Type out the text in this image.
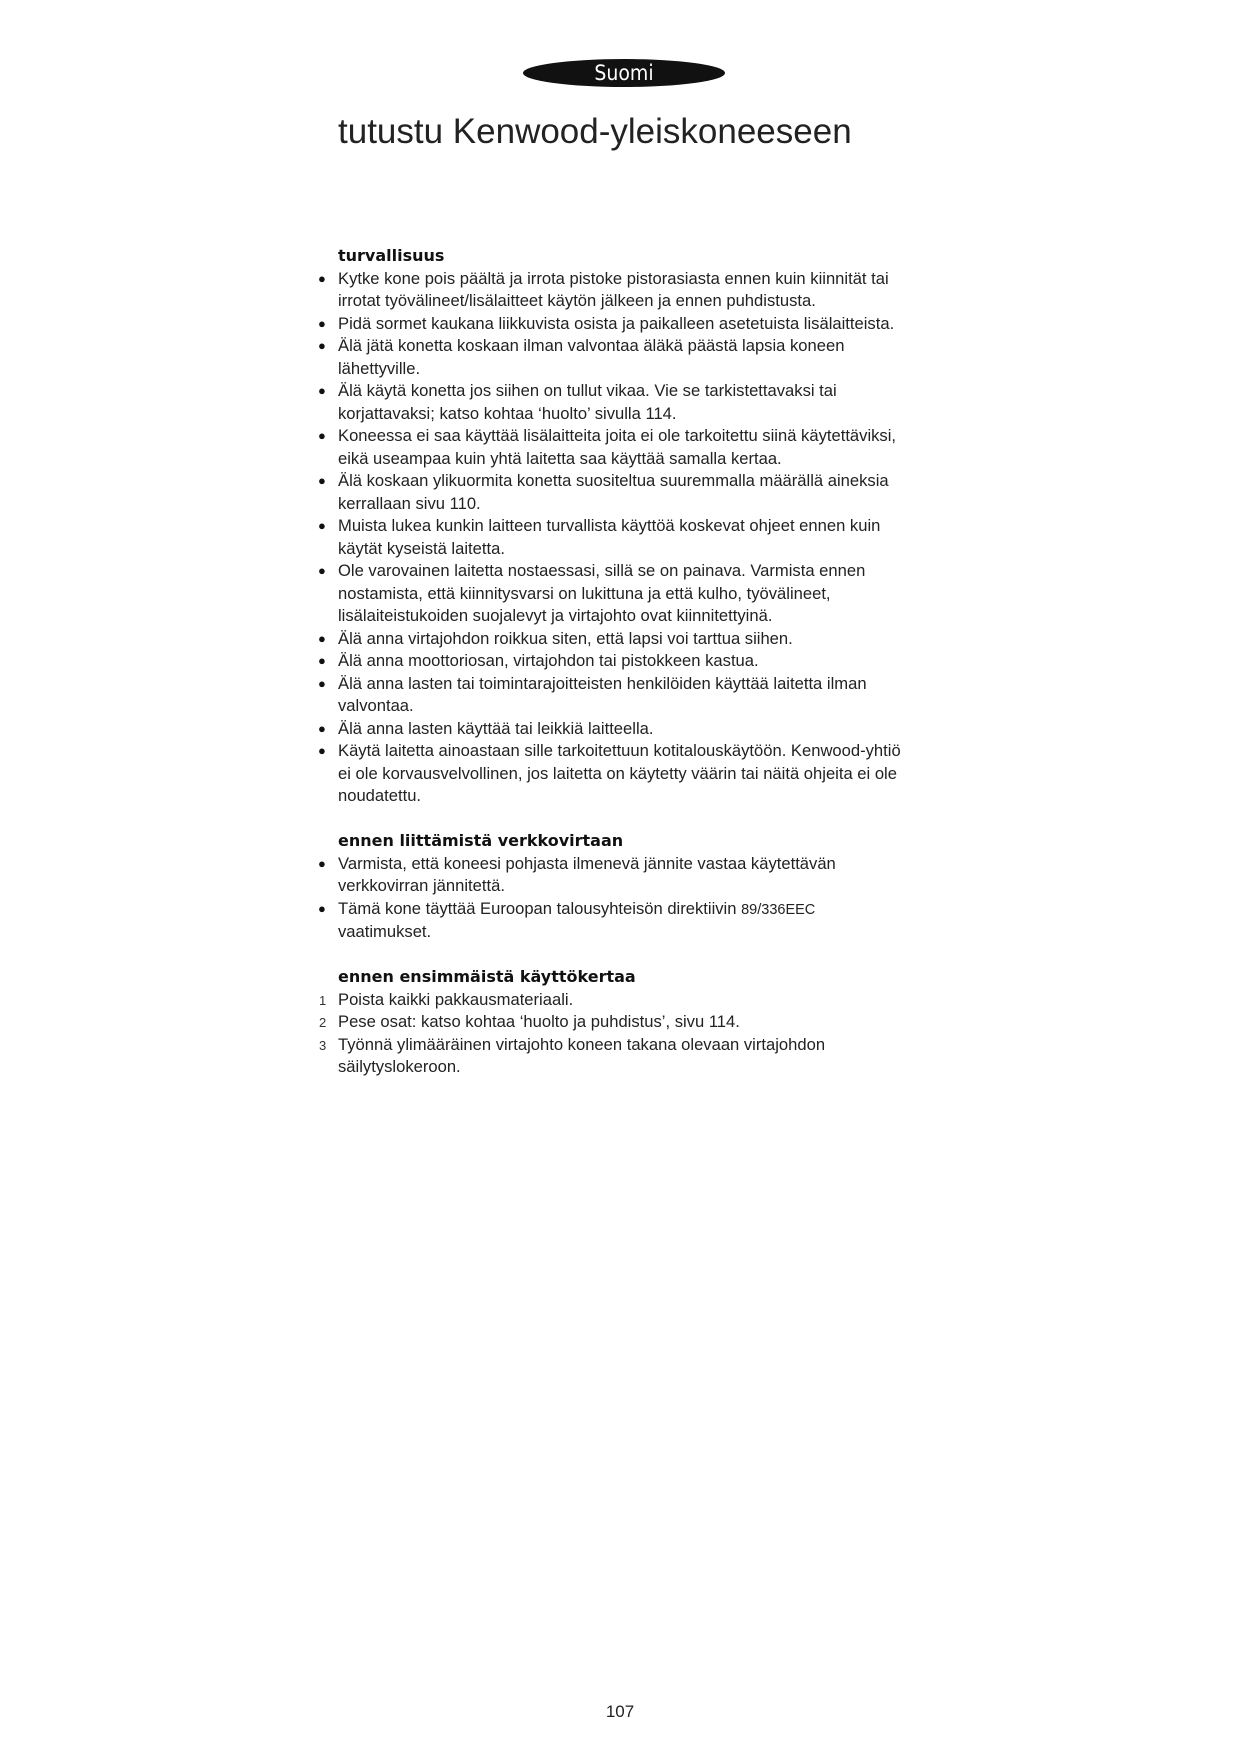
Suomi
tutustu Kenwood-yleiskoneeseen
turvallisuus
● Kytke kone pois päältä ja irrota pistoke pistorasiasta ennen kuin kiinnität tai irrotat työvälineet/lisälaitteet käytön jälkeen ja ennen puhdistusta.
● Pidä sormet kaukana liikkuvista osista ja paikalleen asetetuista lisälaitteista.
● Älä jätä konetta koskaan ilman valvontaa äläkä päästä lapsia koneen lähettyville.
● Älä käytä konetta jos siihen on tullut vikaa. Vie se tarkistettavaksi tai korjattavaksi; katso kohtaa ‘huolto’ sivulla 114.
● Koneessa ei saa käyttää lisälaitteita joita ei ole tarkoitettu siinä käytettäviksi, eikä useampaa kuin yhtä laitetta saa käyttää samalla kertaa.
● Älä koskaan ylikuormita konetta suositeltua suuremmalla määrällä aineksia kerrallaan sivu 110.
● Muista lukea kunkin laitteen turvallista käyttöä koskevat ohjeet ennen kuin käytät kyseistä laitetta.
● Ole varovainen laitetta nostaessasi, sillä se on painava. Varmista ennen nostamista, että kiinnitysvarsi on lukittuna ja että kulho, työvälineet, lisälaiteistukoiden suojalevyt ja virtajohto ovat kiinnitettyinä.
● Älä anna virtajohdon roikkua siten, että lapsi voi tarttua siihen.
● Älä anna moottoriosan, virtajohdon tai pistokkeen kastua.
● Älä anna lasten tai toimintarajoitteisten henkilöiden käyttää laitetta ilman valvontaa.
● Älä anna lasten käyttää tai leikkiä laitteella.
● Käytä laitetta ainoastaan sille tarkoitettuun kotitalouskäytöön. Kenwood-yhtiö ei ole korvausvelvollinen, jos laitetta on käytetty väärin tai näitä ohjeita ei ole noudatettu.
ennen liittämistä verkkovirtaan
● Varmista, että koneesi pohjasta ilmenevä jännite vastaa käytettävän verkkovirran jännitettä.
● Tämä kone täyttää Euroopan talousyhteisön direktiivin 89/336EEC vaatimukset.
ennen ensimmäistä käyttökertaa
1 Poista kaikki pakkausmateriaali.
2 Pese osat: katso kohtaa ‘huolto ja puhdistus’, sivu 114.
3 Työnnä ylimääräinen virtajohto koneen takana olevaan virtajohdon säilytyslokeroon.
107
